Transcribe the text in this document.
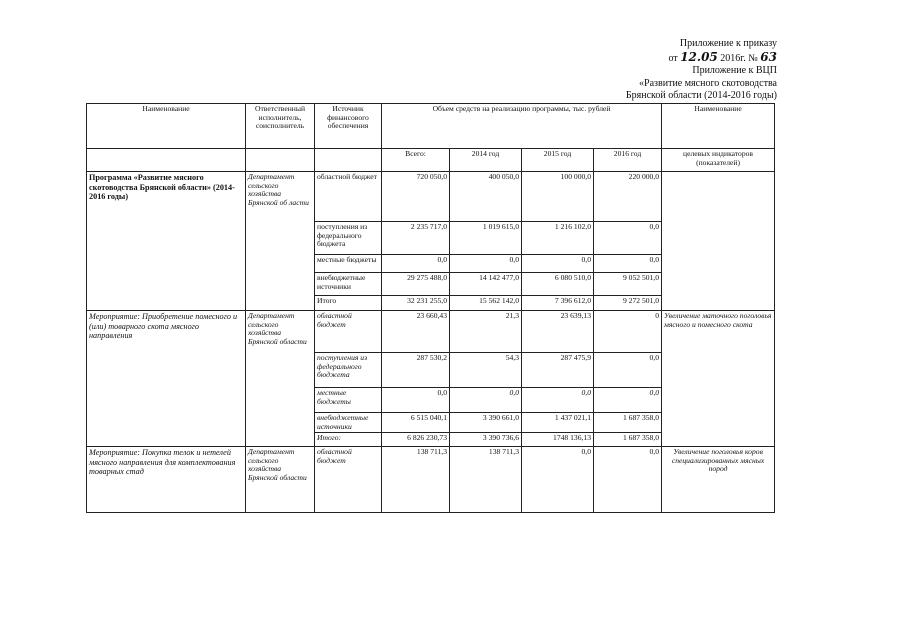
Приложение к приказу
от 12.05 2016г. № 63
Приложение к ВЦП
«Развитие мясного скотоводства
Брянской области (2014-2016 годы)
Наименование	Ответственный исполнитель, соисполнитель	Источник финансового обеспечения	Объем средств на реализацию программы, тыс. рублей				Наименование
			Всего:	2014 год	2015 год	2016 год	целевых индикаторов (показателей)
Программа «Развитие мясного скотоводства Брянской области» (2014-2016 годы)	Департамент сельского хозяйства Брянской об ласти	областной бюджет	720 050,0	400 050,0	100 000,0	220 000,0	
		поступления из федерального бюджета	2 235 717,0	1 019 615,0	1 216 102,0	0,0	
		местные бюджеты	0,0	0,0	0,0	0,0	
		внебюджетные источники	29 275 488,0	14 142 477,0	6 080 510,0	9 052 501,0	
		Итого	32 231 255,0	15 562 142,0	7 396 612,0	9 272 501,0	
Мероприятие: Приобретение помесного и (или) товарного скота мясного направления	Департамент сельского хозяйства Брянской области	областной бюджет	23 660,43	21,3	23 639,13	0	Увеличение маточного поголовья мясного и помесного скота
		поступления из федерального бюджета	287 530,2	54,3	287 475,9	0,0	
		местные бюджеты	0,0	0,0	0,0	0,0	
		внебюджетные источники	6 515 040,1	3 390 661,0	1 437 021,1	1 687 358,0	
		Итого:	6 826 230,73	3 390 736,6	1748 136,13	1 687 358,0	
Мероприятие: Покупка телок и нетелей мясного направления для комплектования товарных стад	Департамент сельского хозяйства Брянской области	областной бюджет	138 711,3	138 711,3	0,0	0,0	Увеличение поголовья коров специализированных мясных пород
